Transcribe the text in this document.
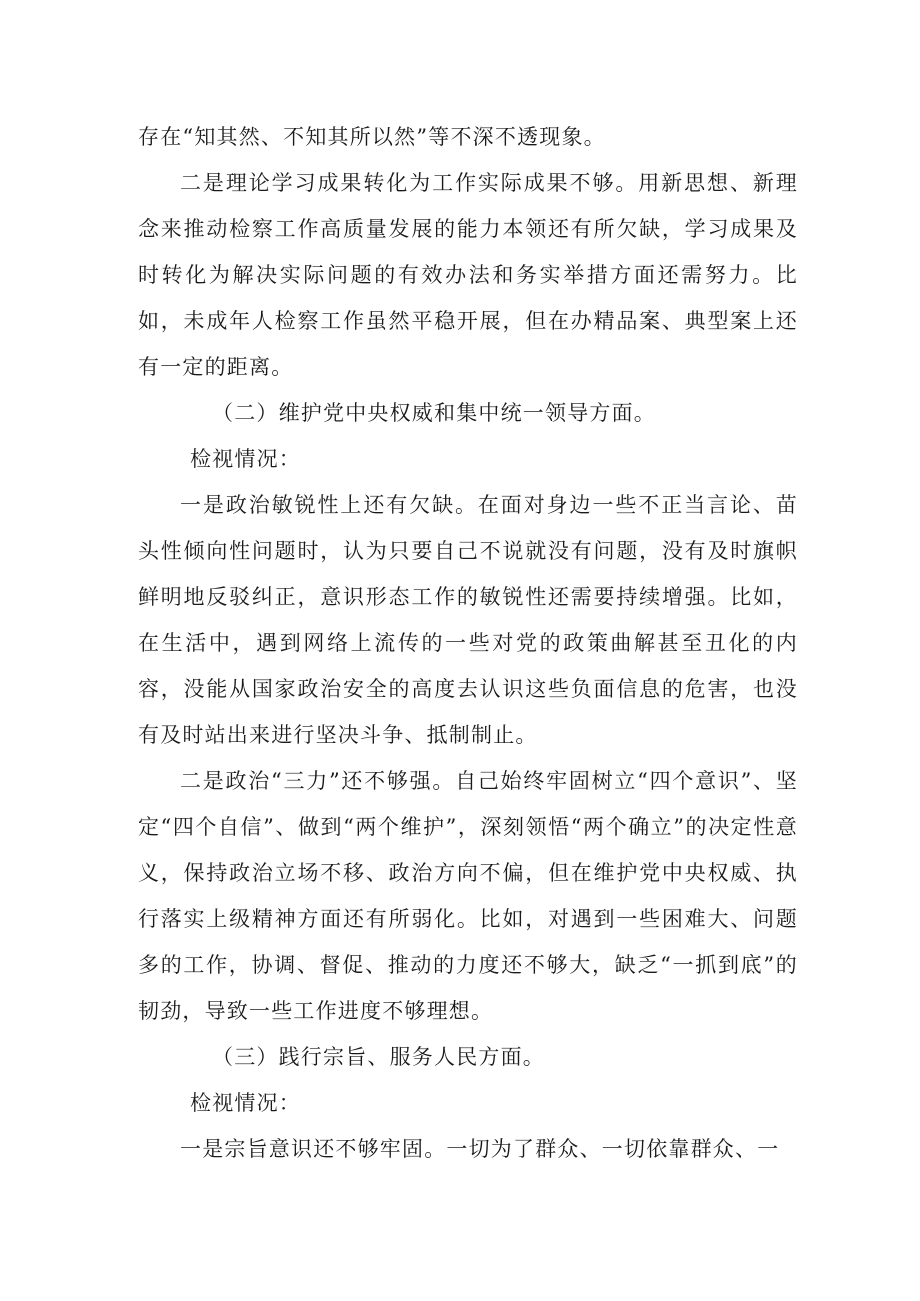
存在“知其然、不知其所以然”等不深不透现象。

二是理论学习成果转化为工作实际成果不够。用新思想、新理念来推动检察工作高质量发展的能力本领还有所欠缺，学习成果及时转化为解决实际问题的有效办法和务实举措方面还需努力。比如，未成年人检察工作虽然平稳开展，但在办精品案、典型案上还有一定的距离。

（二）维护党中央权威和集中统一领导方面。

检视情况：

一是政治敏锐性上还有欠缺。在面对身边一些不正当言论、苗头性倾向性问题时，认为只要自己不说就没有问题，没有及时旗帜鲜明地反驳纠正，意识形态工作的敏锐性还需要持续增强。比如，在生活中，遇到网络上流传的一些对党的政策曲解甚至丑化的内容，没能从国家政治安全的高度去认识这些负面信息的危害，也没有及时站出来进行坚决斗争、抵制制止。

二是政治“三力”还不够强。自己始终牢固树立“四个意识”、坚定“四个自信”、做到“两个维护”，深刻领悟“两个确立”的决定性意义，保持政治立场不移、政治方向不偏，但在维护党中央权威、执行落实上级精神方面还有所弱化。比如，对遇到一些困难大、问题多的工作，协调、督促、推动的力度还不够大，缺乏“一抓到底”的韧劲，导致一些工作进度不够理想。

（三）践行宗旨、服务人民方面。

检视情况：

一是宗旨意识还不够牢固。一切为了群众、一切依靠群众、一
